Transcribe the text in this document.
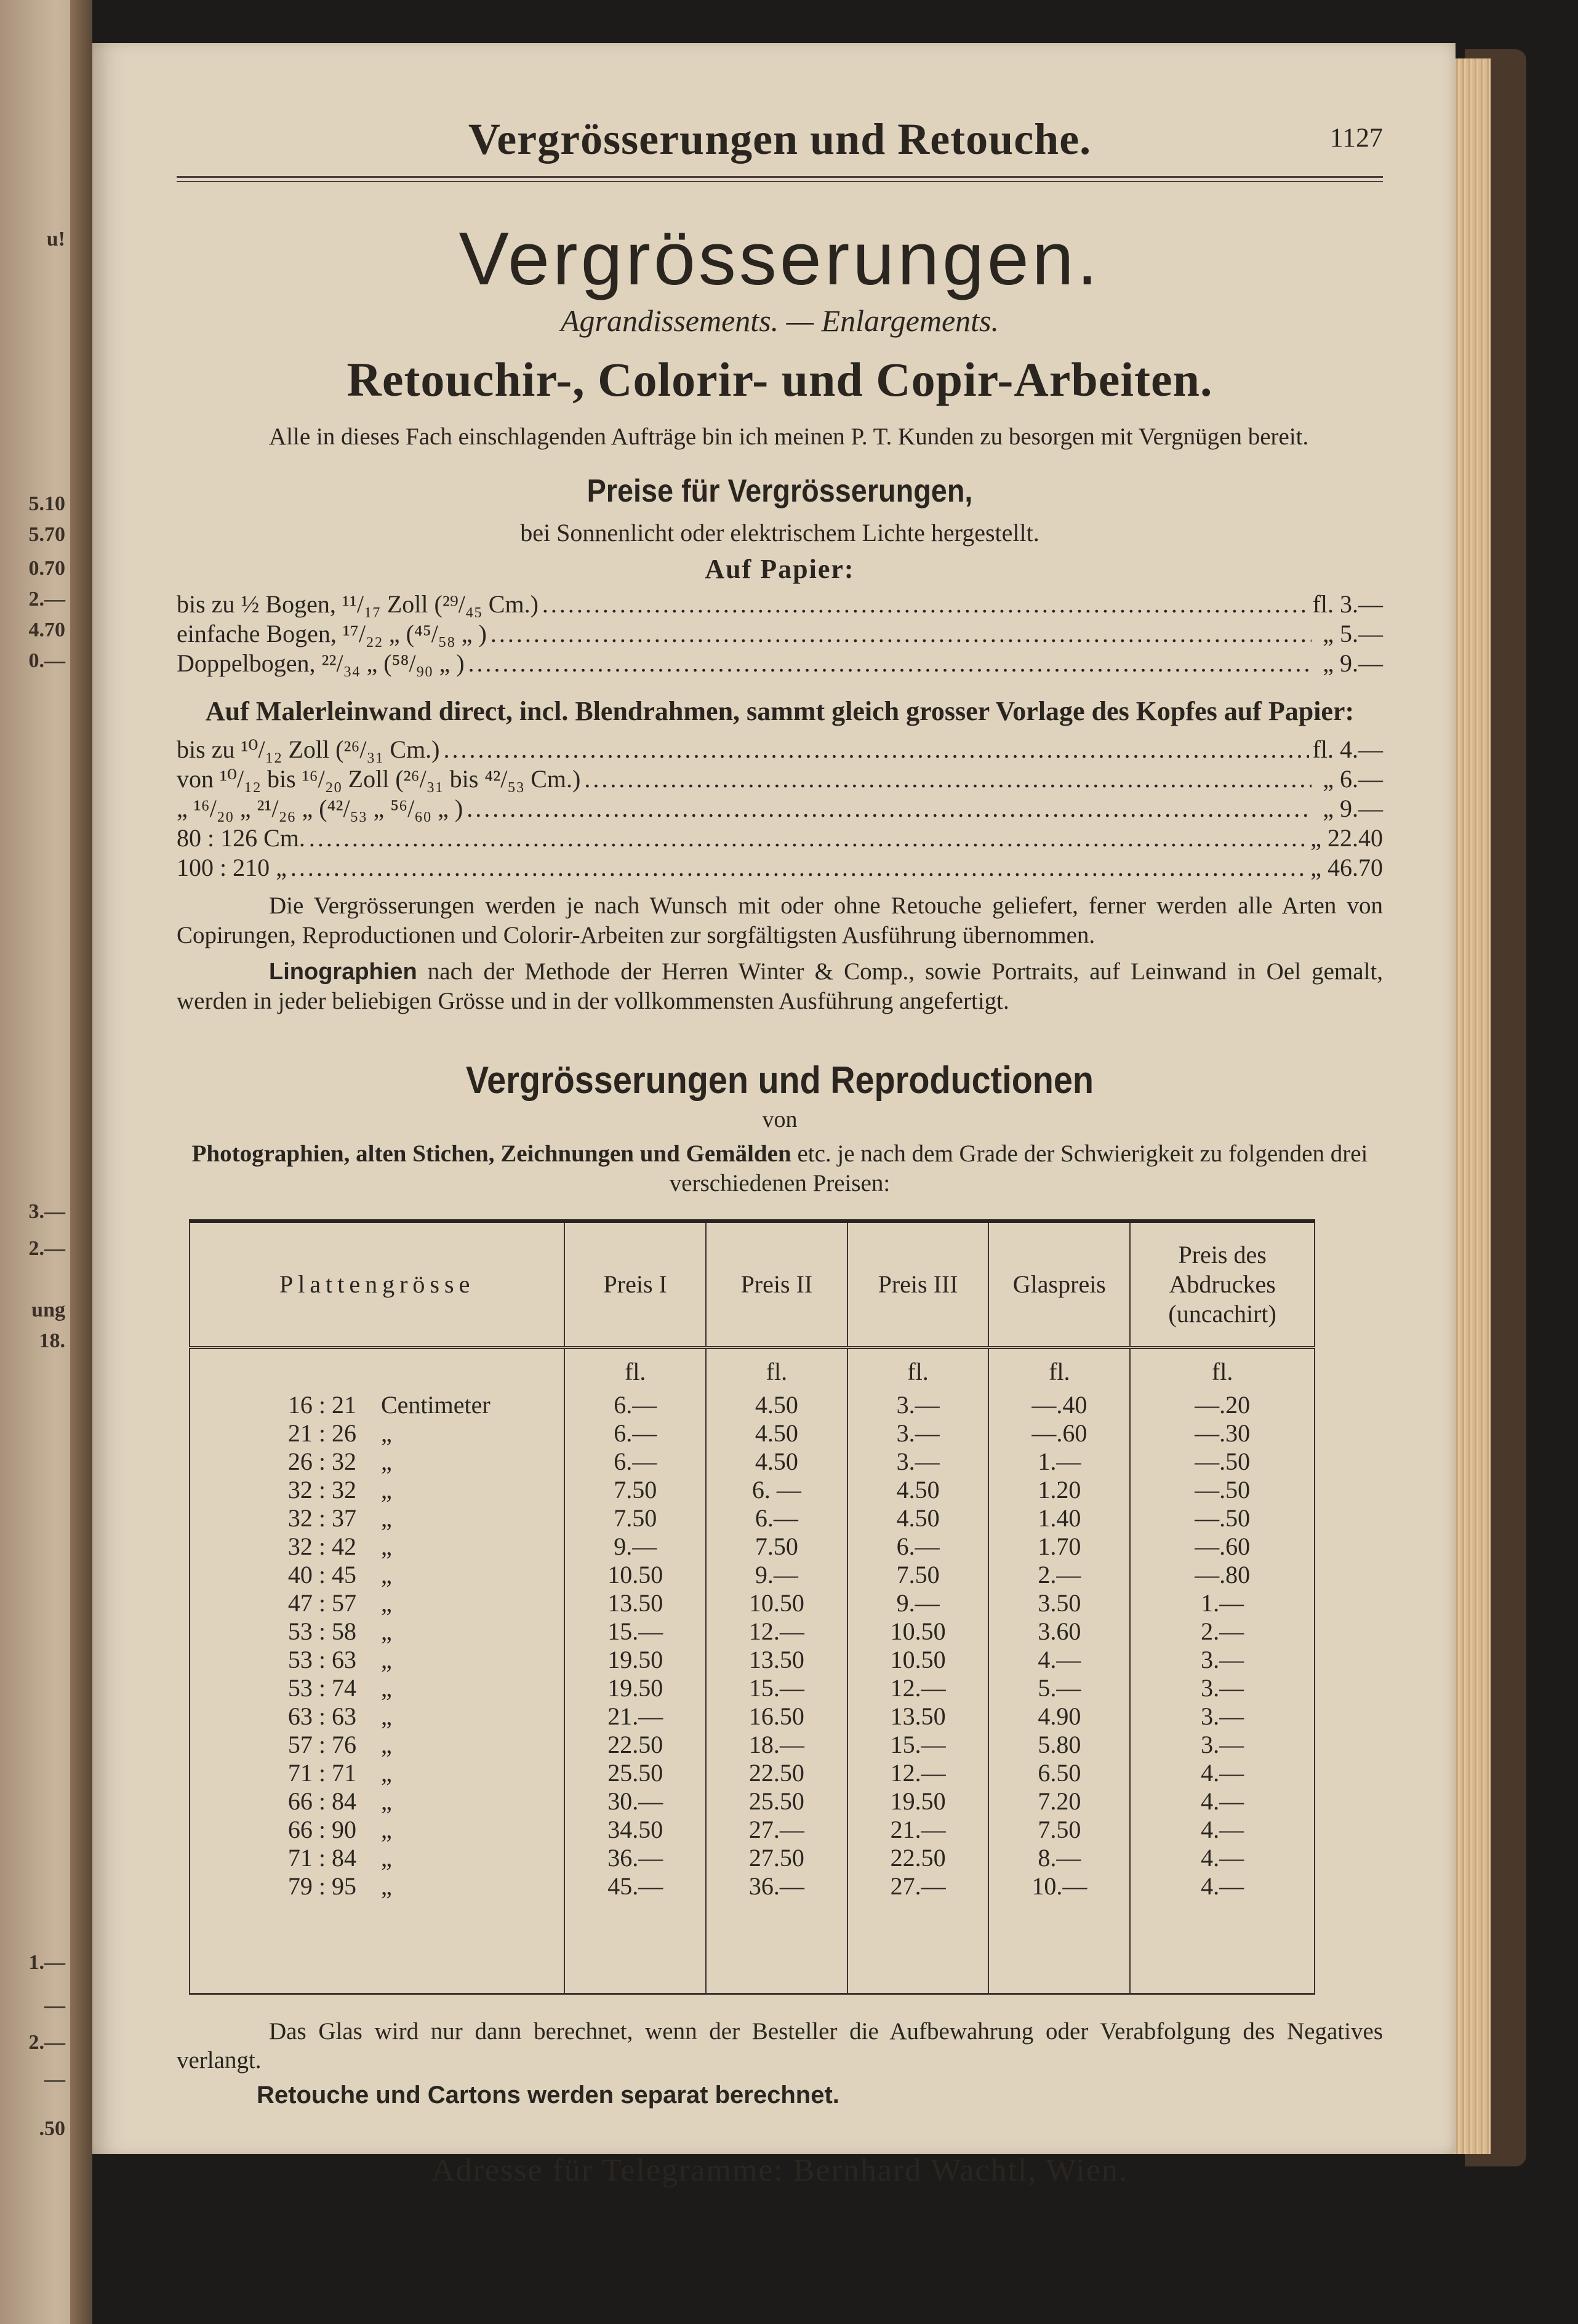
u!
5.10
5.70
0.70
2.—
4.70
0.—
3.—
2.—
ung
18.
1.—
—
2.—
—
.50
Vergrösserungen und Retouche.	1127
Vergrösserungen.
Agrandissements. — Enlargements.
Retouchir-, Colorir- und Copir-Arbeiten.
Alle in dieses Fach einschlagenden Aufträge bin ich meinen P. T. Kunden zu besorgen mit Vergnügen bereit.
Preise für Vergrösserungen,
bei Sonnenlicht oder elektrischem Lichte hergestellt.
Auf Papier:
bis zu ½ Bogen, ¹¹/₁₇ Zoll (²⁹/₄₅ Cm.) .....	fl. 3.—
einfache Bogen, ¹⁷/₂₂ „ (⁴⁵/₅₈ „ ) .....	„ 5.—
Doppelbogen, ²²/₃₄ „ (⁵⁸/₉₀ „ ) .....	„ 9.—
Auf Malerleinwand direct, incl. Blendrahmen, sammt gleich grosser Vorlage des Kopfes auf Papier:
bis zu ¹⁰/₁₂ Zoll (²⁶/₃₁ Cm.) .....	fl. 4.—
von ¹⁰/₁₂ bis ¹⁶/₂₀ Zoll (²⁶/₃₁ bis ⁴²/₅₃ Cm.) .....	„ 6.—
„ ¹⁶/₂₀ „ ²¹/₂₆ „ (⁴²/₅₃ „ ⁵⁶/₆₀ „ ) .....	„ 9.—
80 : 126 Cm. .....	„ 22.40
100 : 210 „ .....	„ 46.70
Die Vergrösserungen werden je nach Wunsch mit oder ohne Retouche geliefert, ferner werden alle Arten von Copirungen, Reproductionen und Colorir-Arbeiten zur sorgfältigsten Ausführung übernommen.
Linographien nach der Methode der Herren Winter & Comp., sowie Portraits, auf Leinwand in Oel gemalt, werden in jeder beliebigen Grösse und in der vollkommensten Ausführung angefertigt.
Vergrösserungen und Reproductionen
von
Photographien, alten Stichen, Zeichnungen und Gemälden etc. je nach dem Grade der Schwierigkeit zu folgenden drei verschiedenen Preisen:
Plattengrösse	Preis I	Preis II	Preis III	Glaspreis	Preis des Abdruckes (uncachirt)
	fl.	fl.	fl.	fl.	fl.
16 : 21 Centimeter	6.—	4.50	3.—	—.40	—.20
21 : 26 „	6.—	4.50	3.—	—.60	—.30
26 : 32 „	6.—	4.50	3.—	1.—	—.50
32 : 32 „	7.50	6. —	4.50	1.20	—.50
32 : 37 „	7.50	6.—	4.50	1.40	—.50
32 : 42 „	9.—	7.50	6.—	1.70	—.60
40 : 45 „	10.50	9.—	7.50	2.—	—.80
47 : 57 „	13.50	10.50	9.—	3.50	1.—
53 : 58 „	15.—	12.—	10.50	3.60	2.—
53 : 63 „	19.50	13.50	10.50	4.—	3.—
53 : 74 „	19.50	15.—	12.—	5.—	3.—
63 : 63 „	21.—	16.50	13.50	4.90	3.—
57 : 76 „	22.50	18.—	15.—	5.80	3.—
71 : 71 „	25.50	22.50	12.—	6.50	4.—
66 : 84 „	30.—	25.50	19.50	7.20	4.—
66 : 90 „	34.50	27.—	21.—	7.50	4.—
71 : 84 „	36.—	27.50	22.50	8.—	4.—
79 : 95 „	45.—	36.—	27.—	10.—	4.—

Das Glas wird nur dann berechnet, wenn der Besteller die Aufbewahrung oder Verabfolgung des Negatives verlangt.
Retouche und Cartons werden separat berechnet.
Adresse für Telegramme: Bernhard Wachtl, Wien.
